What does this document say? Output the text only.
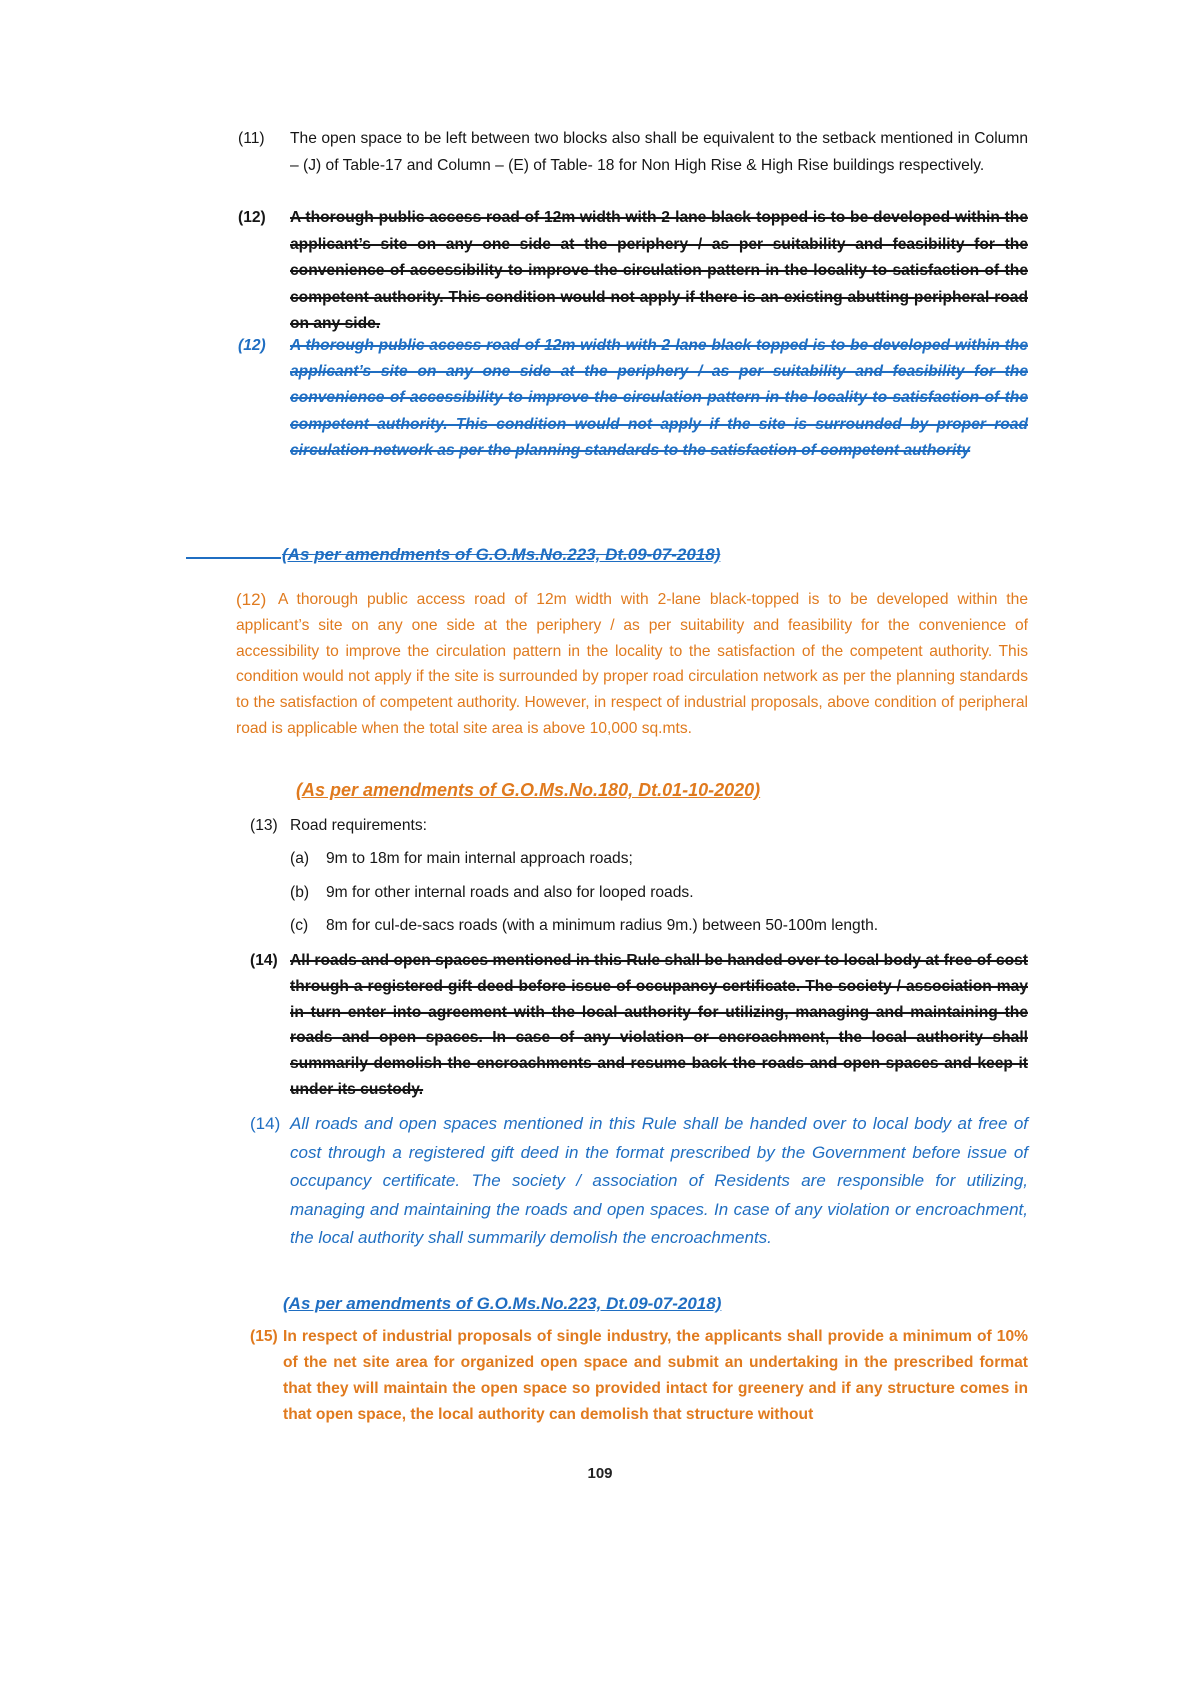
(11)	The open space to be left between two blocks also shall be equivalent to the setback mentioned in Column – (J) of Table-17 and Column – (E) of Table- 18 for Non High Rise & High Rise buildings respectively.
(12)	A thorough public access road of 12m width with 2-lane black-topped is to be developed within the applicant’s site on any one side at the periphery / as per suitability and feasibility for the convenience of accessibility to improve the circulation pattern in the locality to satisfaction of the competent authority. This condition would not apply if there is an existing abutting peripheral road on any side.
(12)	A thorough public access road of 12m width with 2-lane black topped is to be developed within the applicant’s site on any one side at the periphery / as per suitability and feasibility for the convenience of accessibility to improve the circulation pattern in the locality to satisfaction of the competent authority. This condition would not apply if the site is surrounded by proper road circulation network as per the planning standards to the satisfaction of competent authority
(As per amendments of G.O.Ms.No.223, Dt.09-07-2018)
(12) A thorough public access road of 12m width with 2-lane black-topped is to be developed within the applicant’s site on any one side at the periphery / as per suitability and feasibility for the convenience of accessibility to improve the circulation pattern in the locality to the satisfaction of the competent authority. This condition would not apply if the site is surrounded by proper road circulation network as per the planning standards to the satisfaction of competent authority. However, in respect of industrial proposals, above condition of peripheral road is applicable when the total site area is above 10,000 sq.mts.
(As per amendments of G.O.Ms.No.180, Dt.01-10-2020)
(13) Road requirements:
(a) 9m to 18m for main internal approach roads;
(b) 9m for other internal roads and also for looped roads.
(c) 8m for cul-de-sacs roads (with a minimum radius 9m.) between 50-100m length.
(14) All roads and open spaces mentioned in this Rule shall be handed over to local body at free of cost through a registered gift deed before issue of occupancy certificate. The society / association may in turn enter into agreement with the local authority for utilizing, managing and maintaining the roads and open spaces. In case of any violation or encroachment, the local authority shall summarily demolish the encroachments and resume back the roads and open spaces and keep it under its custody.
(14) All roads and open spaces mentioned in this Rule shall be handed over to local body at free of cost through a registered gift deed in the format prescribed by the Government before issue of occupancy certificate. The society / association of Residents are responsible for utilizing, managing and maintaining the roads and open spaces. In case of any violation or encroachment, the local authority shall summarily demolish the encroachments.
(As per amendments of G.O.Ms.No.223, Dt.09-07-2018)
(15) In respect of industrial proposals of single industry, the applicants shall provide a minimum of 10% of the net site area for organized open space and submit an undertaking in the prescribed format that they will maintain the open space so provided intact for greenery and if any structure comes in that open space, the local authority can demolish that structure without
109
